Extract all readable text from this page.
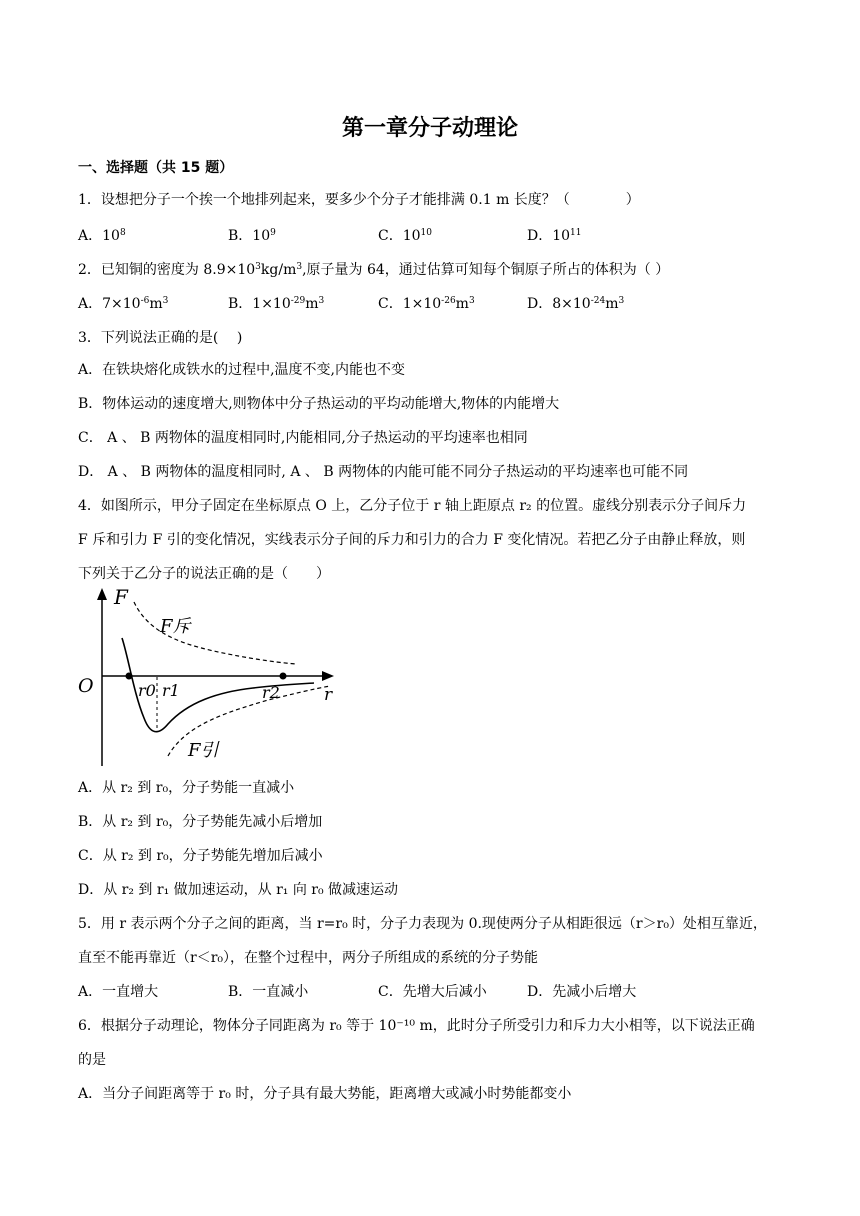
第一章分子动理论
一、选择题（共 15 题）
1．设想把分子一个挨一个地排列起来，要多少个分子才能排满 0.1 m 长度？（　　　　）
A．$10^8$	B．$10^9$	C．$10^{10}$	D．$10^{11}$
2．已知铜的密度为 $8.9\times 10^3kg/m^3$,原子量为 64，通过估算可知每个铜原子所占的体积为（ ）
A．$7\times 10^{-6}m^3$	B．$1\times 10^{-29}m^3$	C．$1\times 10^{-26}m^3$	D．$8\times 10^{-24}m^3$
3．下列说法正确的是(　 )
A．在铁块熔化成铁水的过程中,温度不变,内能也不变
B．物体运动的速度增大,则物体中分子热运动的平均动能增大,物体的内能增大
C． A 、 B 两物体的温度相同时,内能相同,分子热运动的平均速率也相同
D． A 、 B 两物体的温度相同时, A 、 B 两物体的内能可能不同分子热运动的平均速率也可能不同
4．如图所示，甲分子固定在坐标原点 O 上，乙分子位于 r 轴上距原点 r₂ 的位置。虚线分别表示分子间斥力
F 斥和引力 F 引的变化情况，实线表示分子间的斥力和引力的合力 F 变化情况。若把乙分子由静止释放，则
下列关于乙分子的说法正确的是（　　）
F
F斥
O	r0 r1	r2	r
F引
A．从 r₂ 到 r₀，分子势能一直减小
B．从 r₂ 到 r₀，分子势能先减小后增加
C．从 r₂ 到 r₀，分子势能先增加后减小
D．从 r₂ 到 r₁ 做加速运动，从 r₁ 向 r₀ 做减速运动
5．用 r 表示两个分子之间的距离，当 r=r₀ 时，分子力表现为 0.现使两分子从相距很远（r＞r₀）处相互靠近，
直至不能再靠近（r＜r₀），在整个过程中，两分子所组成的系统的分子势能
A．一直增大	B．一直减小	C．先增大后减小	D．先减小后增大
6．根据分子动理论，物体分子同距离为 r₀ 等于 10⁻¹⁰ m，此时分子所受引力和斥力大小相等，以下说法正确
的是
A．当分子间距离等于 r₀ 时，分子具有最大势能，距离增大或减小时势能都变小
